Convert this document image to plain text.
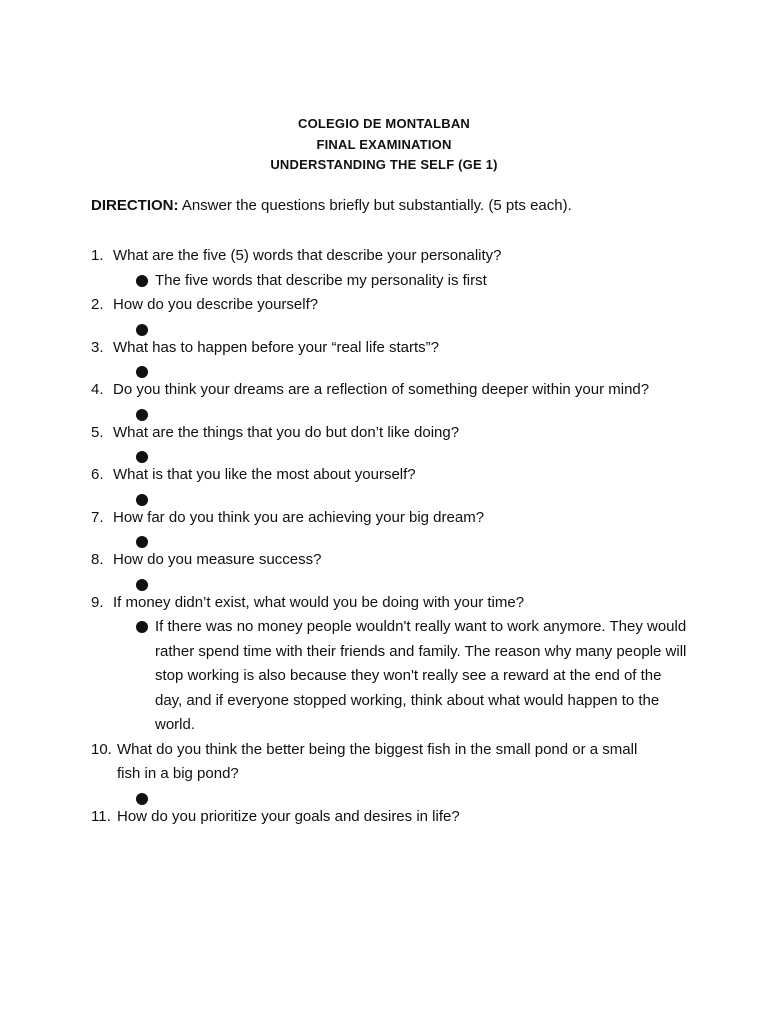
COLEGIO DE MONTALBAN
FINAL EXAMINATION
UNDERSTANDING THE SELF (GE 1)
DIRECTION: Answer the questions briefly but substantially. (5 pts each).
1. What are the five (5) words that describe your personality?
The five words that describe my personality is first
2. How do you describe yourself?
3. What has to happen before your “real life starts”?
4. Do you think your dreams are a reflection of something deeper within your mind?
5. What are the things that you do but don’t like doing?
6. What is that you like the most about yourself?
7. How far do you think you are achieving your big dream?
8. How do you measure success?
9. If money didn’t exist, what would you be doing with your time?
If there was no money people wouldn't really want to work anymore. They would rather spend time with their friends and family. The reason why many people will stop working is also because they won't really see a reward at the end of the day, and if everyone stopped working, think about what would happen to the world.
10. What do you think the better being the biggest fish in the small pond or a small fish in a big pond?
11. How do you prioritize your goals and desires in life?
